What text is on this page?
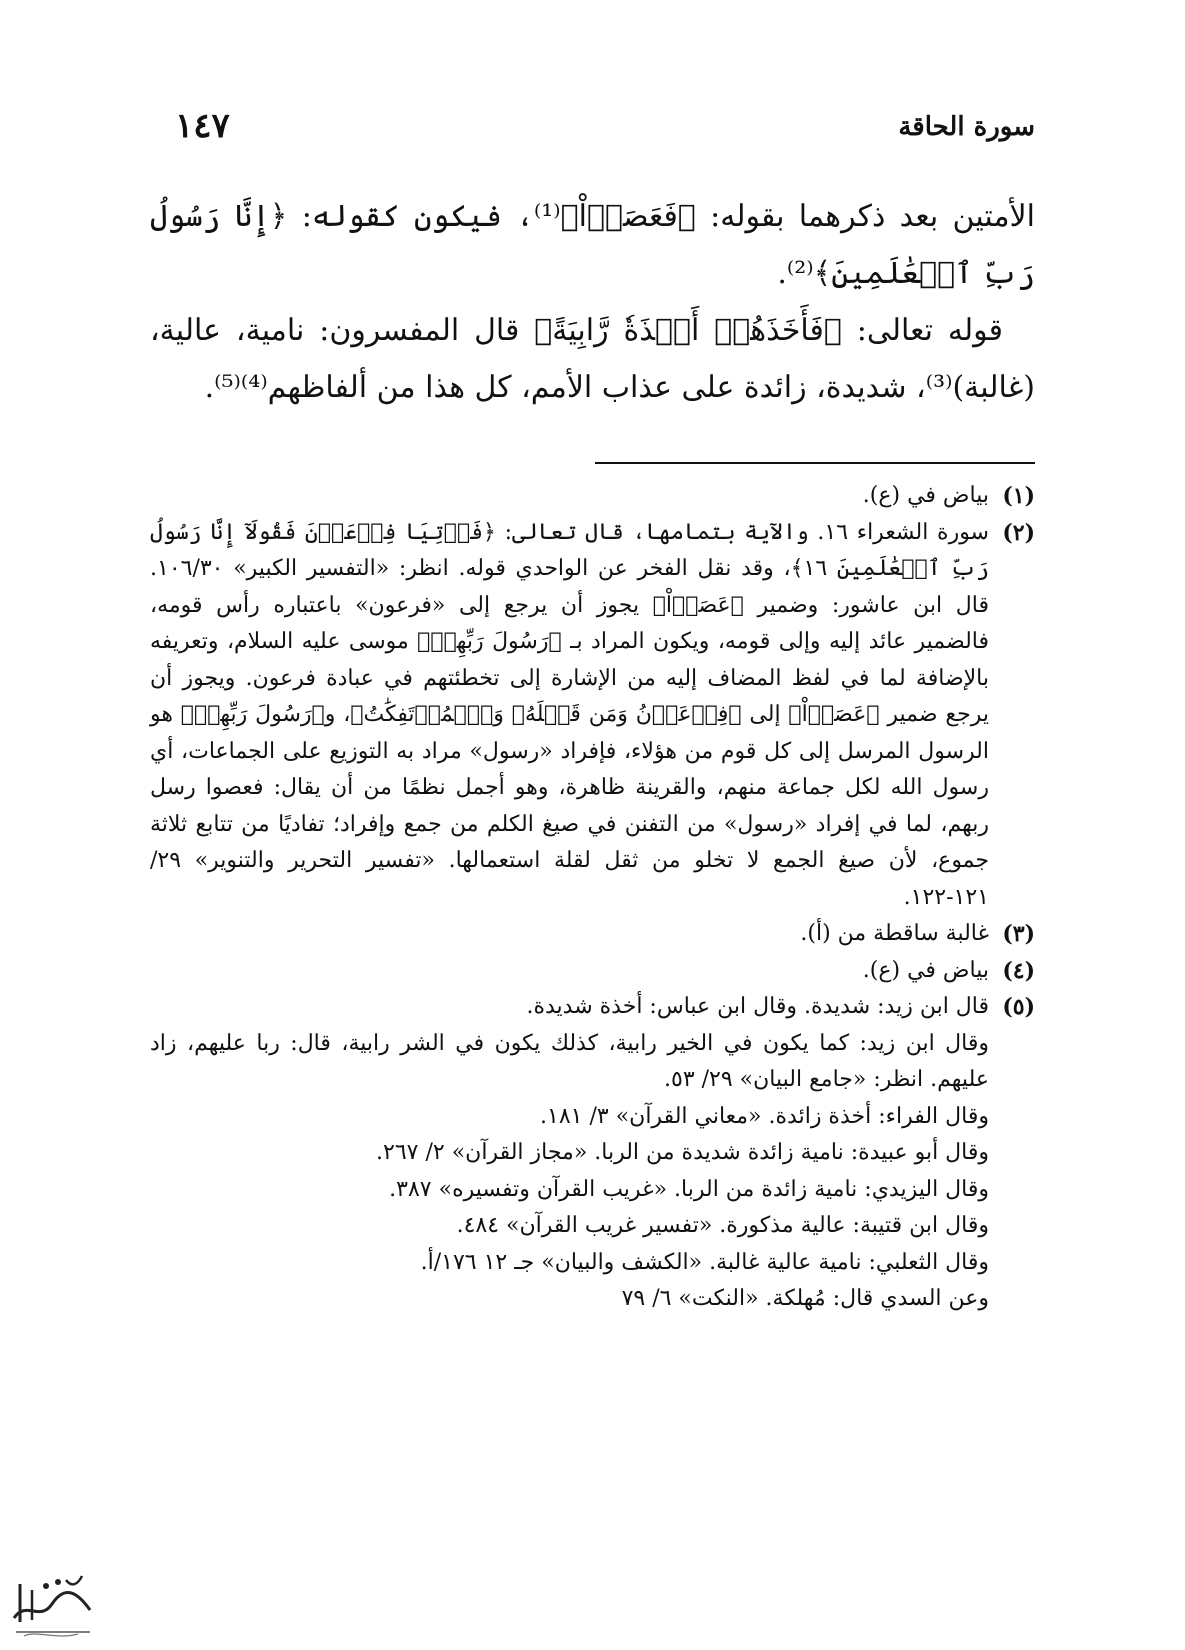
سورة الحاقة
١٤٧

الأمتين بعد ذكرهما بقوله: ﴿فَعَصَوۡاْ﴾⁽¹⁾، فيكون كقوله: ﴿إِنَّا رَسُولُ رَبِّ ٱلۡعَٰلَمِينَ﴾⁽²⁾.

قوله تعالى: ﴿فَأَخَذَهُمۡ أَخۡذَةٗ رَّابِيَةً﴾ قال المفسرون: نامية، عالية، (غالبة)⁽³⁾، شديدة، زائدة على عذاب الأمم، كل هذا من ألفاظهم⁽⁴⁾⁽⁵⁾.

(١)
بياض في (ع).
(٢)
سورة الشعراء ١٦. والآية بتمامها، قال تعالى: ﴿فَأۡتِيَا فِرۡعَوۡنَ فَقُولَآ إِنَّا رَسُولُ رَبِّ ٱلۡعَٰلَمِينَ ١٦﴾، وقد نقل الفخر عن الواحدي قوله. انظر: «التفسير الكبير» ١٠٦/٣٠. قال ابن عاشور: وضمير ﴿عَصَوۡاْ﴾ يجوز أن يرجع إلى «فرعون» باعتباره رأس قومه، فالضمير عائد إليه وإلى قومه، ويكون المراد بـ ﴿رَسُولَ رَبِّهِمۡ﴾ موسى عليه السلام، وتعريفه بالإضافة لما في لفظ المضاف إليه من الإشارة إلى تخطئتهم في عبادة فرعون. ويجوز أن يرجع ضمير ﴿عَصَوۡاْ﴾ إلى ﴿فِرۡعَوۡنُ وَمَن قَبۡلَهُۥ وَٱلۡمُؤۡتَفِكَٰتُ﴾، و﴿رَسُولَ رَبِّهِمۡ﴾ هو الرسول المرسل إلى كل قوم من هؤلاء، فإفراد «رسول» مراد به التوزيع على الجماعات، أي رسول الله لكل جماعة منهم، والقرينة ظاهرة، وهو أجمل نظمًا من أن يقال: فعصوا رسل ربهم، لما في إفراد «رسول» من التفنن في صيغ الكلم من جمع وإفراد؛ تفاديًا من تتابع ثلاثة جموع، لأن صيغ الجمع لا تخلو من ثقل لقلة استعمالها. «تفسير التحرير والتنوير» ٢٩/ ١٢١-١٢٢.
(٣)
غالبة ساقطة من (أ).
(٤)
بياض في (ع).
(٥)
قال ابن زيد: شديدة. وقال ابن عباس: أخذة شديدة.
وقال ابن زيد: كما يكون في الخير رابية، كذلك يكون في الشر رابية، قال: ربا عليهم، زاد عليهم. انظر: «جامع البيان» ٢٩/ ٥٣.
وقال الفراء: أخذة زائدة. «معاني القرآن» ٣/ ١٨١.
وقال أبو عبيدة: نامية زائدة شديدة من الربا. «مجاز القرآن» ٢/ ٢٦٧.
وقال اليزيدي: نامية زائدة من الربا. «غريب القرآن وتفسيره» ٣٨٧.
وقال ابن قتيبة: عالية مذكورة. «تفسير غريب القرآن» ٤٨٤.
وقال الثعلبي: نامية عالية غالبة. «الكشف والبيان» جـ ١٢ ١٧٦/أ.
وعن السدي قال: مُهلكة. «النكت» ٦/ ٧٩
